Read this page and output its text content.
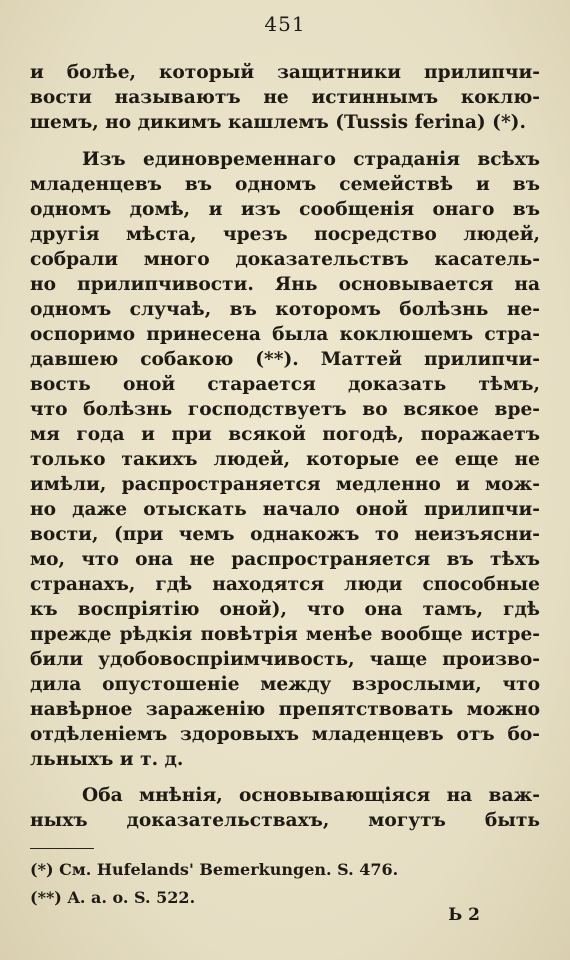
451
и болѣе, который защитники прилипчи-
вости называютъ не истиннымъ коклю-
шемъ, но дикимъ кашлемъ (Tussis ferina) (*).
Изъ единовременнаго страданія всѣхъ
младенцевъ въ одномъ семействѣ и въ
одномъ домѣ, и изъ сообщенія онаго въ
другія мѣста, чрезъ посредство людей,
собрали много доказательствъ касатель-
но прилипчивости. Янь основывается на
одномъ случаѣ, въ которомъ болѣзнь не-
оспоримо принесена была коклюшемъ стра-
давшею собакою (**). Маттей прилипчи-
вость оной старается доказать тѣмъ,
что болѣзнь господствуетъ во всякое вре-
мя года и при всякой погодѣ, поражаетъ
только такихъ людей, которые ее еще не
имѣли, распространяется медленно и мож-
но даже отыскать начало оной прилипчи-
вости, (при чемъ однакожъ то неизъясни-
мо, что она не распространяется въ тѣхъ
странахъ, гдѣ находятся люди способные
къ воспріятію оной), что она тамъ, гдѣ
прежде рѣдкія повѣтрія менѣе вообще истре-
били удобовоспріимчивость, чаще произво-
дила опустошеніе между взрослыми, что
навѣрное зараженію препятствовать можно
отдѣленіемъ здоровыхъ младенцевъ отъ бо-
льныхъ и т. д.
Оба мнѣнія, основывающіяся на важ-
ныхъ доказательствахъ, могутъ быть
(*) См. Hufelands' Bemerkungen. S. 476.
(**) A. a. o. S. 522.
Ь 2
